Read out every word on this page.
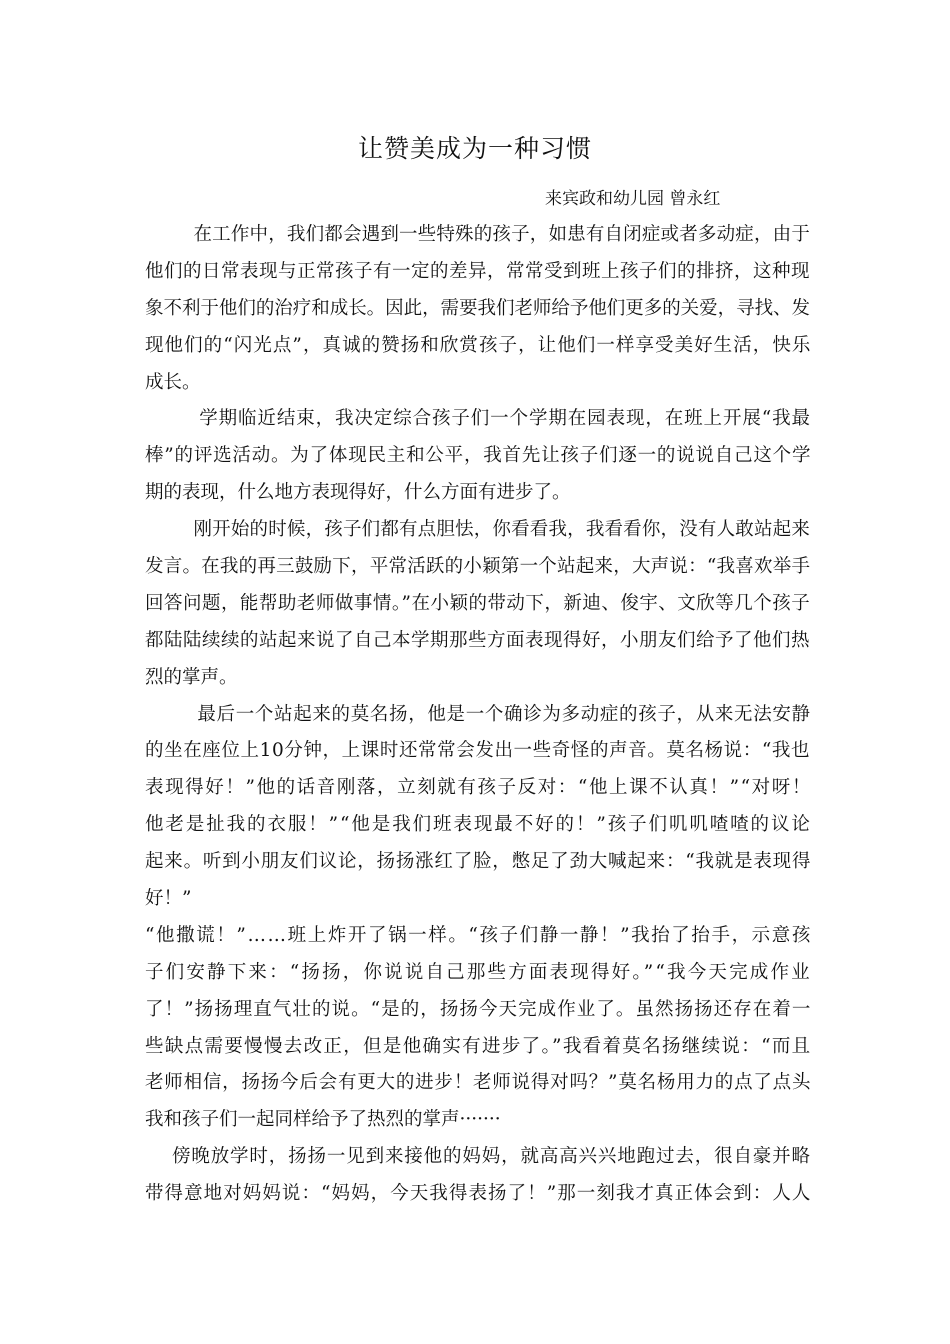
让赞美成为一种习惯
来宾政和幼儿园 曾永红
在工作中，我们都会遇到一些特殊的孩子，如患有自闭症或者多动症，由于
他们的日常表现与正常孩子有一定的差异，常常受到班上孩子们的排挤，这种现
象不利于他们的治疗和成长。因此，需要我们老师给予他们更多的关爱，寻找、发
现他们的“闪光点”，真诚的赞扬和欣赏孩子，让他们一样享受美好生活，快乐
成长。
学期临近结束，我决定综合孩子们一个学期在园表现，在班上开展“我最
棒”的评选活动。为了体现民主和公平，我首先让孩子们逐一的说说自己这个学
期的表现，什么地方表现得好，什么方面有进步了。
刚开始的时候，孩子们都有点胆怯，你看看我，我看看你，没有人敢站起来
发言。在我的再三鼓励下，平常活跃的小颖第一个站起来，大声说：“我喜欢举手
回答问题，能帮助老师做事情。”在小颖的带动下，新迪、俊宇、文欣等几个孩子
都陆陆续续的站起来说了自己本学期那些方面表现得好，小朋友们给予了他们热
烈的掌声。
最后一个站起来的莫名扬，他是一个确诊为多动症的孩子，从来无法安静
的坐在座位上10分钟，上课时还常常会发出一些奇怪的声音。莫名杨说：“我也
表现得好！”他的话音刚落，立刻就有孩子反对：“他上课不认真！”“对呀！
他老是扯我的衣服！”“他是我们班表现最不好的！”孩子们叽叽喳喳的议论
起来。听到小朋友们议论，扬扬涨红了脸，憋足了劲大喊起来：“我就是表现得
好！”
“他撒谎！”……班上炸开了锅一样。“孩子们静一静！”我抬了抬手，示意孩
子们安静下来：“扬扬，你说说自己那些方面表现得好。”“我今天完成作业
了！”扬扬理直气壮的说。“是的，扬扬今天完成作业了。虽然扬扬还存在着一
些缺点需要慢慢去改正，但是他确实有进步了。”我看着莫名扬继续说：“而且
老师相信，扬扬今后会有更大的进步！老师说得对吗？”莫名杨用力的点了点头
我和孩子们一起同样给予了热烈的掌声·······
傍晚放学时，扬扬一见到来接他的妈妈，就高高兴兴地跑过去，很自豪并略
带得意地对妈妈说：“妈妈，今天我得表扬了！”那一刻我才真正体会到：人人
